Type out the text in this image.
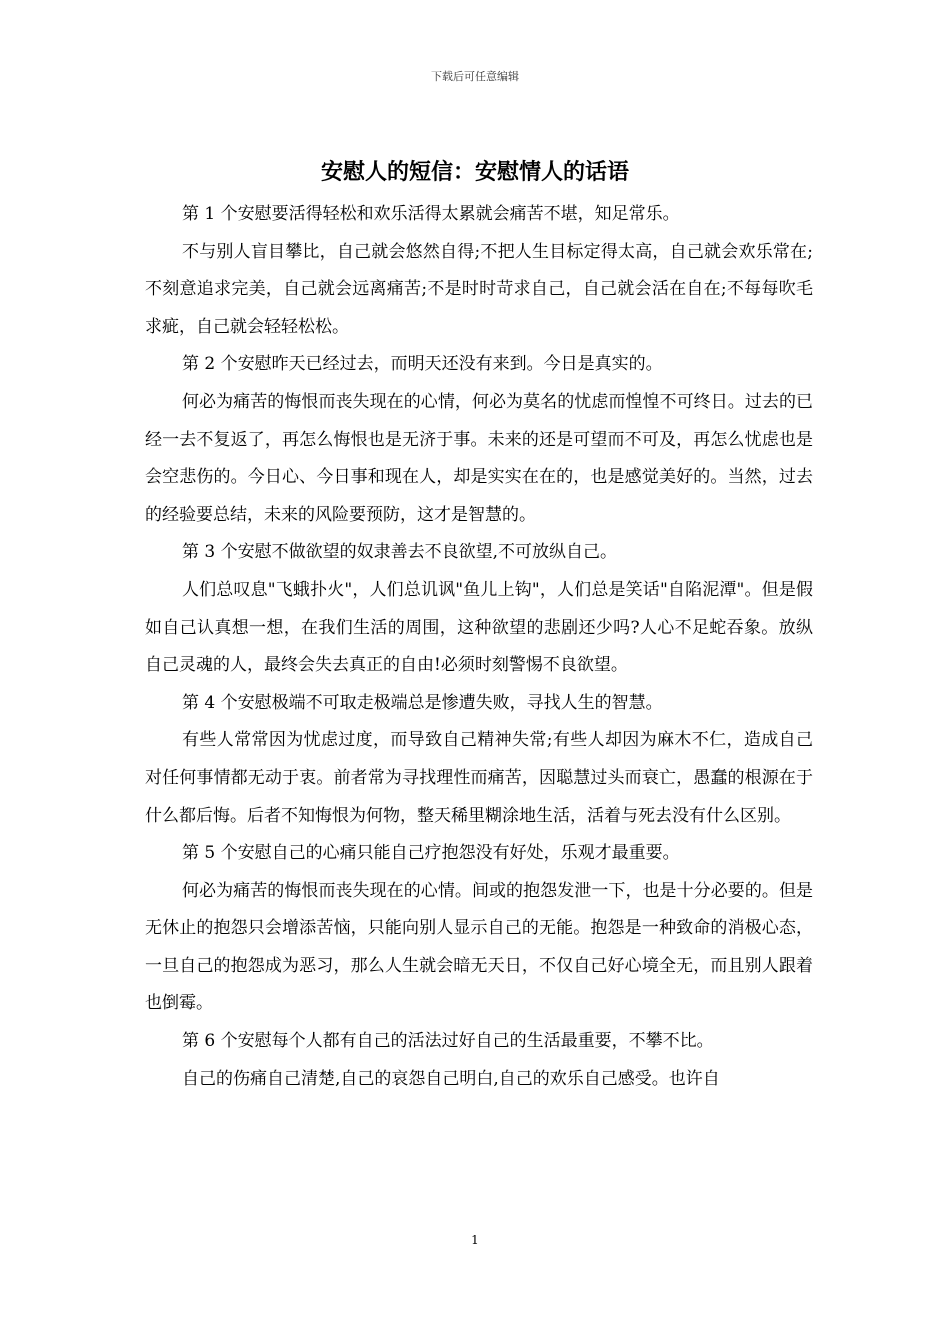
下载后可任意编辑
安慰人的短信：安慰情人的话语

第 1 个安慰要活得轻松和欢乐活得太累就会痛苦不堪，知足常乐。

不与别人盲目攀比，自己就会悠然自得;不把人生目标定得太高，自己就会欢乐常在;不刻意追求完美，自己就会远离痛苦;不是时时苛求自己，自己就会活在自在;不每每吹毛求疵，自己就会轻轻松松。

第 2 个安慰昨天已经过去，而明天还没有来到。今日是真实的。

何必为痛苦的悔恨而丧失现在的心情，何必为莫名的忧虑而惶惶不可终日。过去的已经一去不复返了，再怎么悔恨也是无济于事。未来的还是可望而不可及，再怎么忧虑也是会空悲伤的。今日心、今日事和现在人，却是实实在在的，也是感觉美好的。当然，过去的经验要总结，未来的风险要预防，这才是智慧的。

第 3 个安慰不做欲望的奴隶善去不良欲望,不可放纵自己。

人们总叹息"飞蛾扑火"，人们总讥讽"鱼儿上钩"，人们总是笑话"自陷泥潭"。但是假如自己认真想一想，在我们生活的周围，这种欲望的悲剧还少吗?人心不足蛇吞象。放纵自己灵魂的人，最终会失去真正的自由!必须时刻警惕不良欲望。

第 4 个安慰极端不可取走极端总是惨遭失败，寻找人生的智慧。

有些人常常因为忧虑过度，而导致自己精神失常;有些人却因为麻木不仁，造成自己对任何事情都无动于衷。前者常为寻找理性而痛苦，因聪慧过头而衰亡，愚蠢的根源在于什么都后悔。后者不知悔恨为何物，整天稀里糊涂地生活，活着与死去没有什么区别。

第 5 个安慰自己的心痛只能自己疗抱怨没有好处，乐观才最重要。

何必为痛苦的悔恨而丧失现在的心情。间或的抱怨发泄一下，也是十分必要的。但是无休止的抱怨只会增添苦恼，只能向别人显示自己的无能。抱怨是一种致命的消极心态，一旦自己的抱怨成为恶习，那么人生就会暗无天日，不仅自己好心境全无，而且别人跟着也倒霉。

第 6 个安慰每个人都有自己的活法过好自己的生活最重要，不攀不比。

自己的伤痛自己清楚,自己的哀怨自己明白,自己的欢乐自己感受。也许自

1
